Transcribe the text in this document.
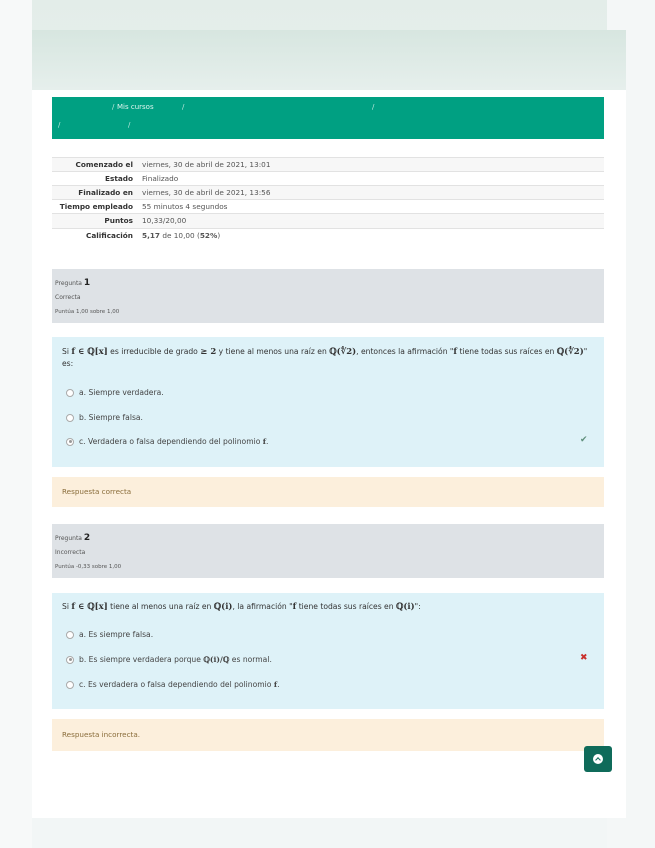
/ Mis cursos	/	/
/	/
Comenzado el	viernes, 30 de abril de 2021, 13:01
Estado	Finalizado
Finalizado en	viernes, 30 de abril de 2021, 13:56
Tiempo empleado	55 minutos 4 segundos
Puntos	10,33/20,00
Calificación	5,17 de 10,00 (52%)
Pregunta 1
Correcta
Puntúa 1,00 sobre 1,00
Si f ∈ ℚ[x] es irreducible de grado ≥ 2 y tiene al menos una raíz en ℚ(∜2), entonces la afirmación "f tiene todas sus raíces en ℚ(∜2)" es:
a. Siempre verdadera.
b. Siempre falsa.
c. Verdadera o falsa dependiendo del polinomio f.	✔
Respuesta correcta
Pregunta 2
Incorrecta
Puntúa -0,33 sobre 1,00
Si f ∈ ℚ[x] tiene al menos una raíz en ℚ(i), la afirmación "f tiene todas sus raíces en ℚ(i)":
a. Es siempre falsa.
b. Es siempre verdadera porque ℚ(i)/ℚ es normal.
c. Es verdadera o falsa dependiendo del polinomio f.
✖
Respuesta incorrecta.
